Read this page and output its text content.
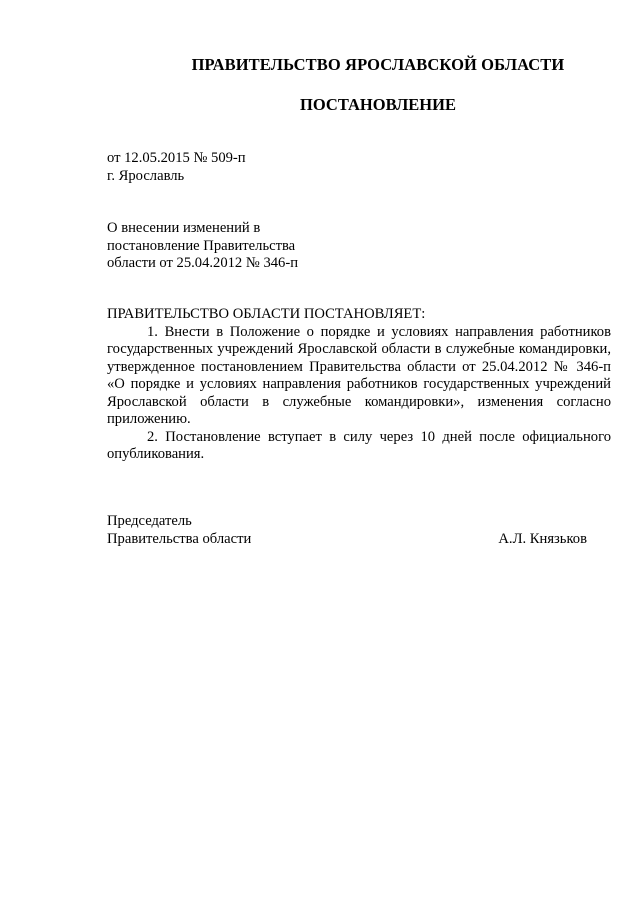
ПРАВИТЕЛЬСТВО ЯРОСЛАВСКОЙ ОБЛАСТИ
ПОСТАНОВЛЕНИЕ
от 12.05.2015 № 509-п
г. Ярославль
О внесении изменений в
постановление Правительства
области от 25.04.2012 № 346-п
ПРАВИТЕЛЬСТВО ОБЛАСТИ ПОСТАНОВЛЯЕТ:

1. Внести в Положение о порядке и условиях направления работников государственных учреждений Ярославской области в служебные командировки, утвержденное постановлением Правительства области от 25.04.2012 № 346-п «О порядке и условиях направления работников государственных учреждений Ярославской области в служебные командировки», изменения согласно приложению.

2. Постановление вступает в силу через 10 дней после официального опубликования.

Председатель
Правительства области	А.Л. Князьков
